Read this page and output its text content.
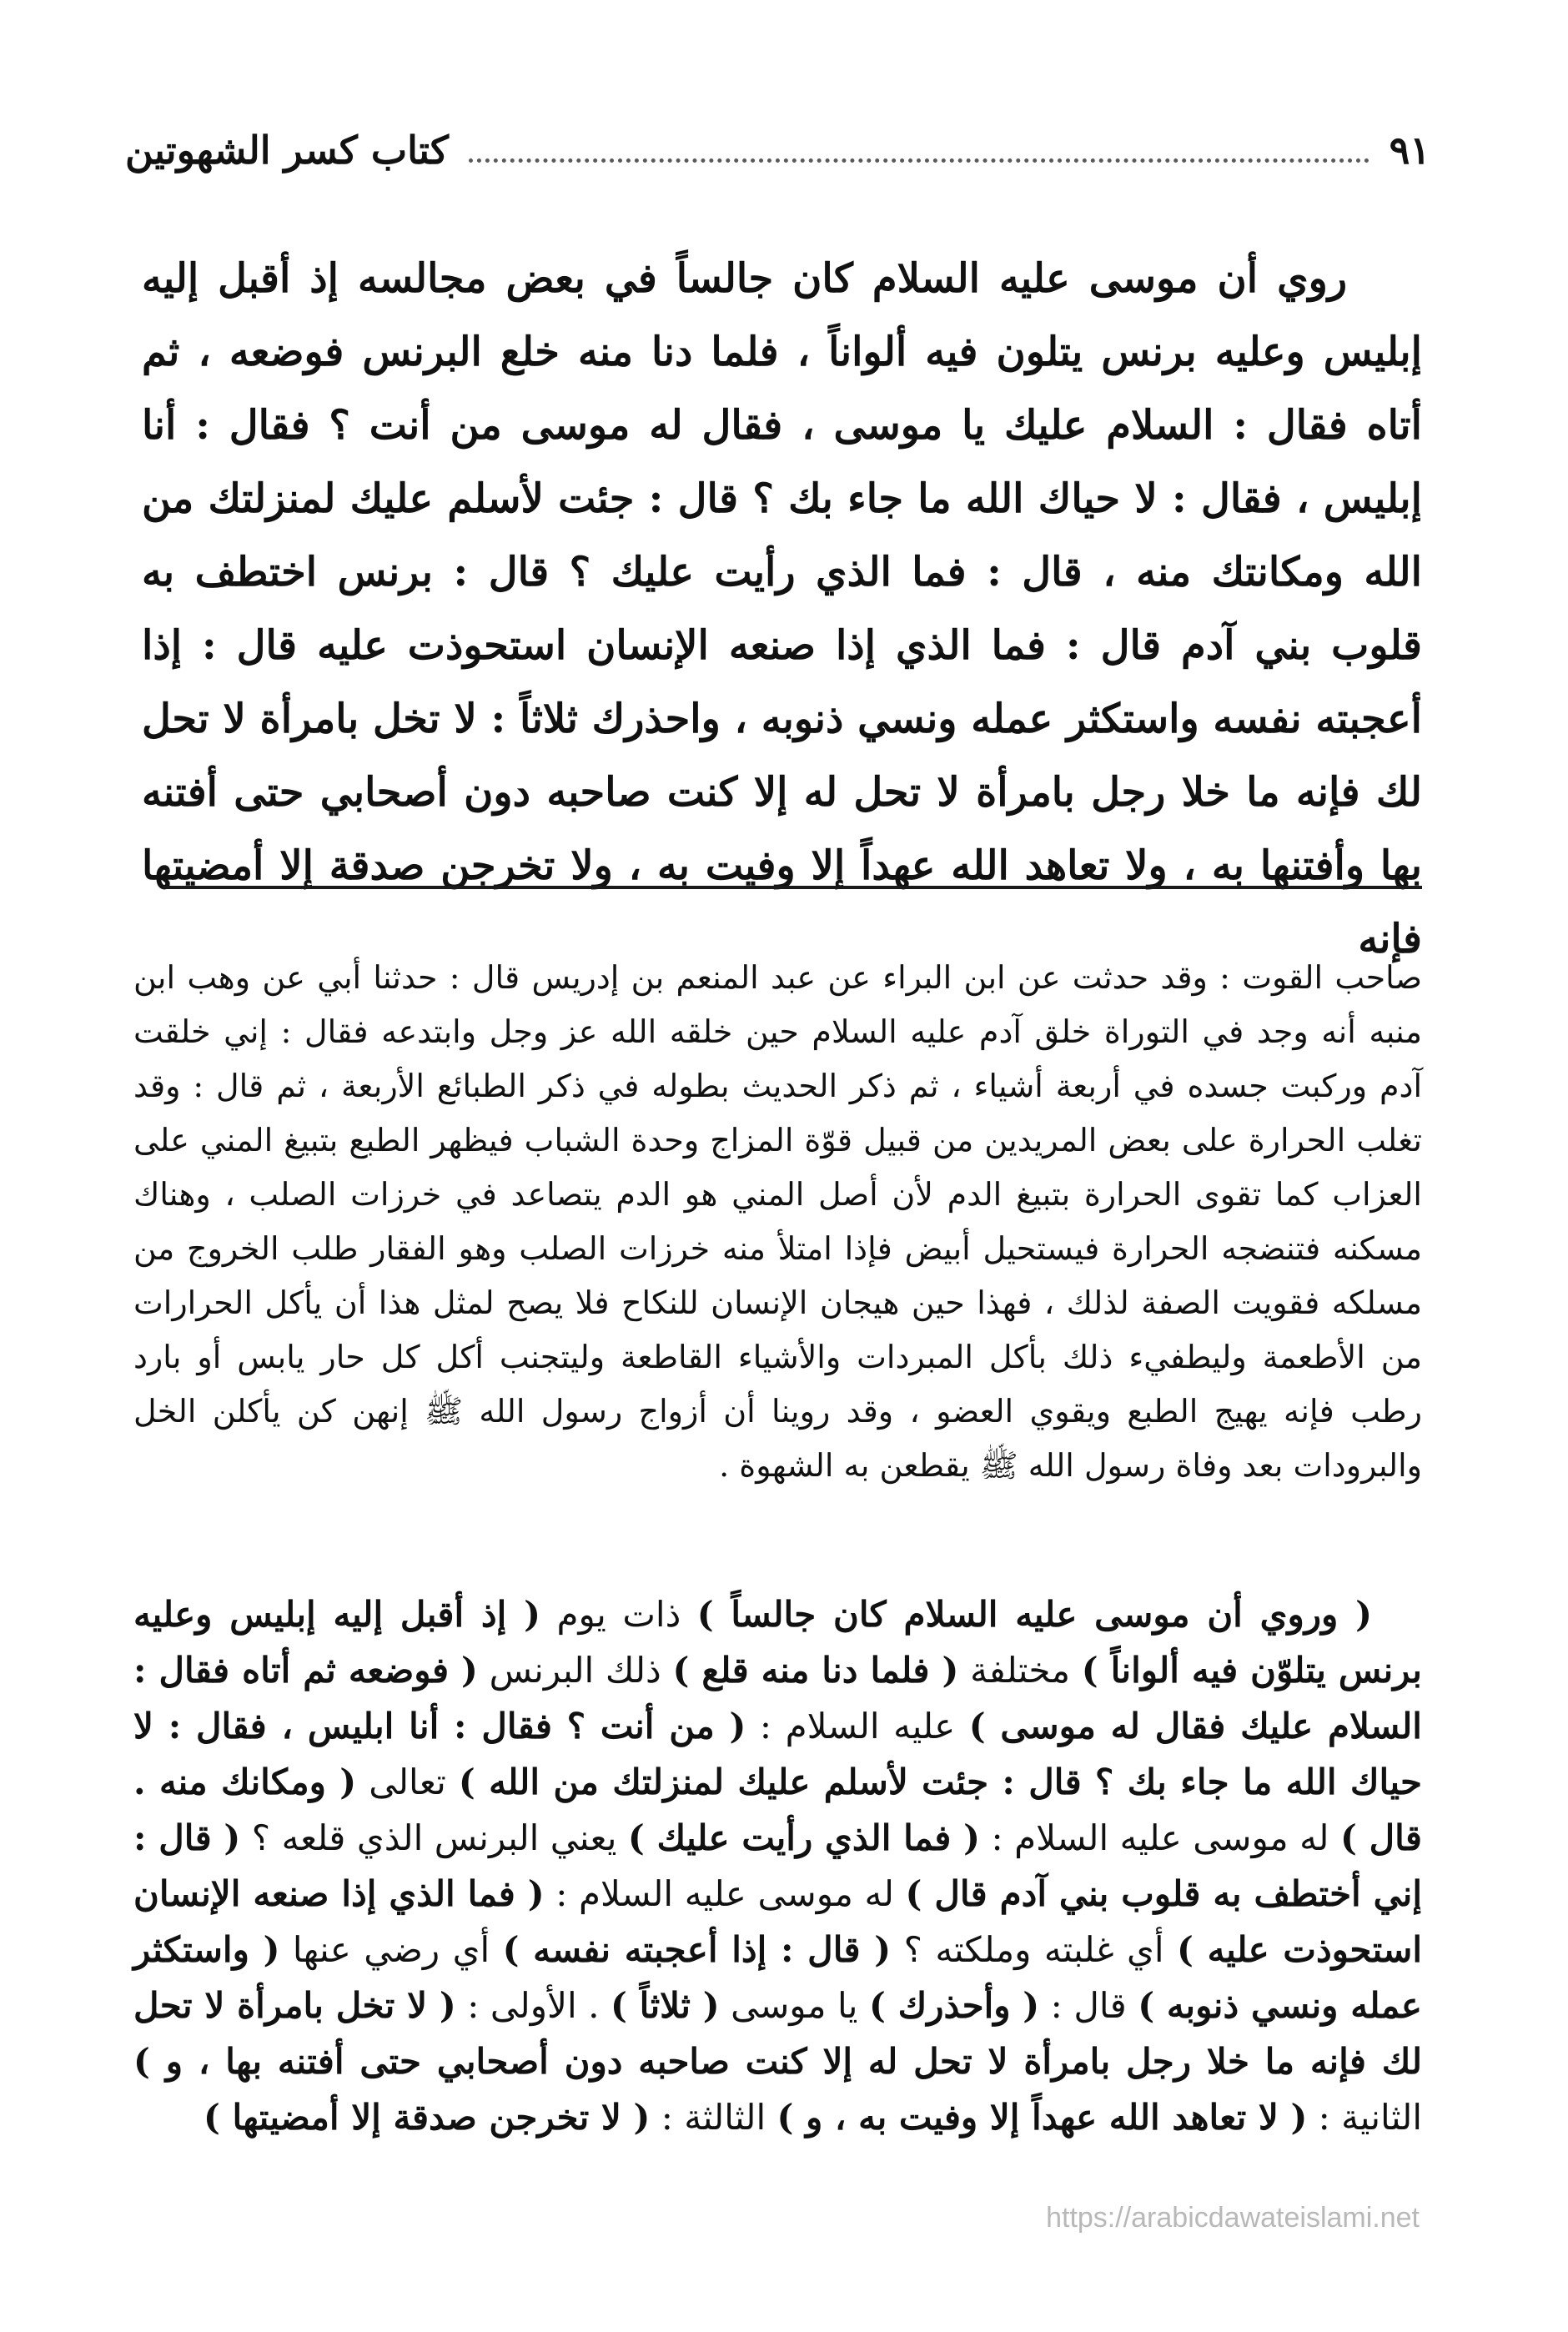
كتاب كسر الشهوتين	٩١

روي أن موسى عليه السلام كان جالساً في بعض مجالسه إذ أقبل إليه إبليس وعليه برنس يتلون فيه ألواناً ، فلما دنا منه خلع البرنس فوضعه ، ثم أتاه فقال : السلام عليك يا موسى ، فقال له موسى من أنت ؟ فقال : أنا إبليس ، فقال : لا حياك الله ما جاء بك ؟ قال : جئت لأسلم عليك لمنزلتك من الله ومكانتك منه ، قال : فما الذي رأيت عليك ؟ قال : برنس اختطف به قلوب بني آدم قال : فما الذي إذا صنعه الإنسان استحوذت عليه قال : إذا أعجبته نفسه واستكثر عمله ونسي ذنوبه ، واحذرك ثلاثاً : لا تخل بامرأة لا تحل لك فإنه ما خلا رجل بامرأة لا تحل له إلا كنت صاحبه دون أصحابي حتى أفتنه بها وأفتنها به ، ولا تعاهد الله عهداً إلا وفيت به ، ولا تخرجن صدقة إلا أمضيتها فإنه

صاحب القوت : وقد حدثت عن ابن البراء عن عبد المنعم بن إدريس قال : حدثنا أبي عن وهب ابن منبه أنه وجد في التوراة خلق آدم عليه السلام حين خلقه الله عز وجل وابتدعه فقال : إني خلقت آدم وركبت جسده في أربعة أشياء ، ثم ذكر الحديث بطوله في ذكر الطبائع الأربعة ، ثم قال : وقد تغلب الحرارة على بعض المريدين من قبيل قوّة المزاج وحدة الشباب فيظهر الطبع بتبيغ المني على العزاب كما تقوى الحرارة بتبيغ الدم لأن أصل المني هو الدم يتصاعد في خرزات الصلب ، وهناك مسكنه فتنضجه الحرارة فيستحيل أبيض فإذا امتلأ منه خرزات الصلب وهو الفقار طلب الخروج من مسلكه فقويت الصفة لذلك ، فهذا حين هيجان الإنسان للنكاح فلا يصح لمثل هذا أن يأكل الحرارات من الأطعمة وليطفيء ذلك بأكل المبردات والأشياء القاطعة وليتجنب أكل كل حار يابس أو بارد رطب فإنه يهيج الطبع ويقوي العضو ، وقد روينا أن أزواج رسول الله ﷺ إنهن كن يأكلن الخل والبرودات بعد وفاة رسول الله ﷺ يقطعن به الشهوة .

( وروي أن موسى عليه السلام كان جالساً ) ذات يوم ( إذ أقبل إليه إبليس وعليه برنس يتلوّن فيه ألواناً ) مختلفة ( فلما دنا منه قلع ) ذلك البرنس ( فوضعه ثم أتاه فقال : السلام عليك فقال له موسى ) عليه السلام : ( من أنت ؟ فقال : أنا ابليس ، فقال : لا حياك الله ما جاء بك ؟ قال : جئت لأسلم عليك لمنزلتك من الله ) تعالى ( ومكانك منه . قال ) له موسى عليه السلام : ( فما الذي رأيت عليك ) يعني البرنس الذي قلعه ؟ ( قال : إني أختطف به قلوب بني آدم قال ) له موسى عليه السلام : ( فما الذي إذا صنعه الإنسان استحوذت عليه ) أي غلبته وملكته ؟ ( قال : إذا أعجبته نفسه ) أي رضي عنها ( واستكثر عمله ونسي ذنوبه ) قال : ( وأحذرك ) يا موسى ( ثلاثاً ) . الأولى : ( لا تخل بامرأة لا تحل لك فإنه ما خلا رجل بامرأة لا تحل له إلا كنت صاحبه دون أصحابي حتى أفتنه بها ، و ) الثانية : ( لا تعاهد الله عهداً إلا وفيت به ، و ) الثالثة : ( لا تخرجن صدقة إلا أمضيتها )

https://arabicdawateislami.net
